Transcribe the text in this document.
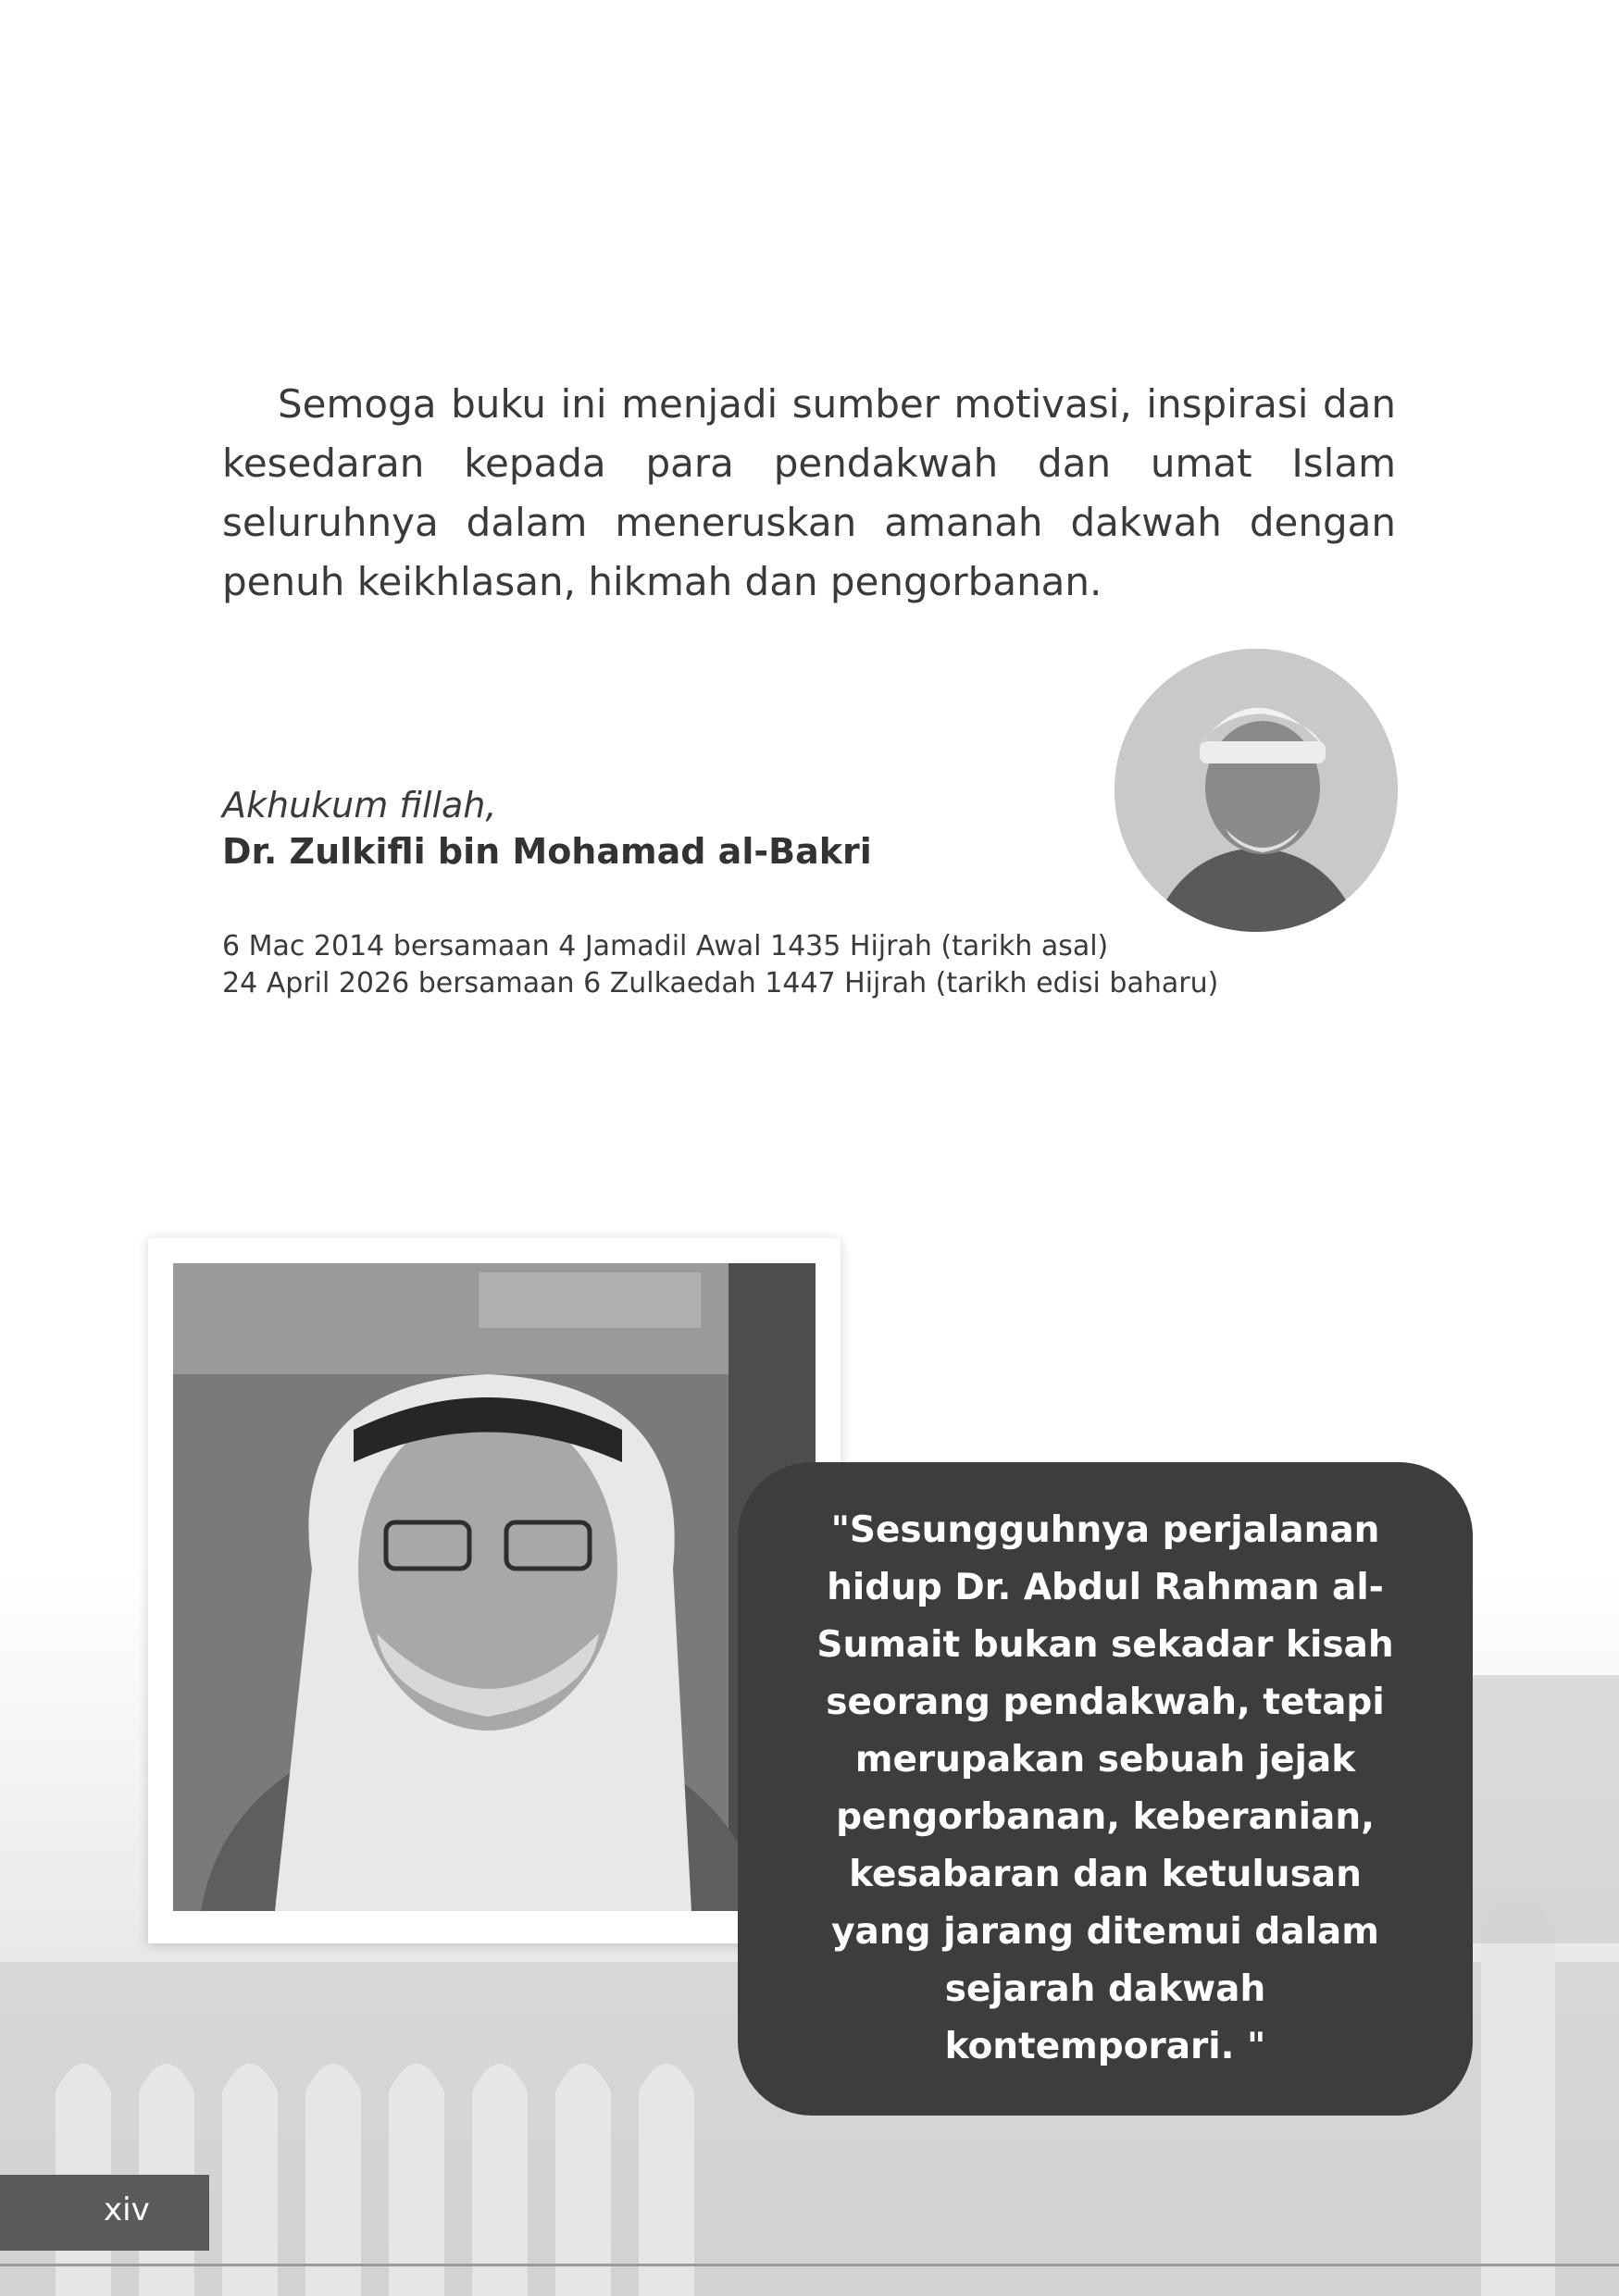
Semoga buku ini menjadi sumber motivasi, inspirasi dan kesedaran kepada para pendakwah dan umat Islam seluruhnya dalam meneruskan amanah dakwah dengan penuh keikhlasan, hikmah dan pengorbanan.

Akhukum fillah,
Dr. Zulkifli bin Mohamad al-Bakri
6 Mac 2014 bersamaan 4 Jamadil Awal 1435 Hijrah (tarikh asal)
24 April 2026 bersamaan 6 Zulkaedah 1447 Hijrah (tarikh edisi baharu)
"Sesungguhnya perjalanan hidup Dr. Abdul Rahman al-Sumait bukan sekadar kisah seorang pendakwah, tetapi merupakan sebuah jejak pengorbanan, keberanian, kesabaran dan ketulusan yang jarang ditemui dalam sejarah dakwah kontemporari. "
xiv
